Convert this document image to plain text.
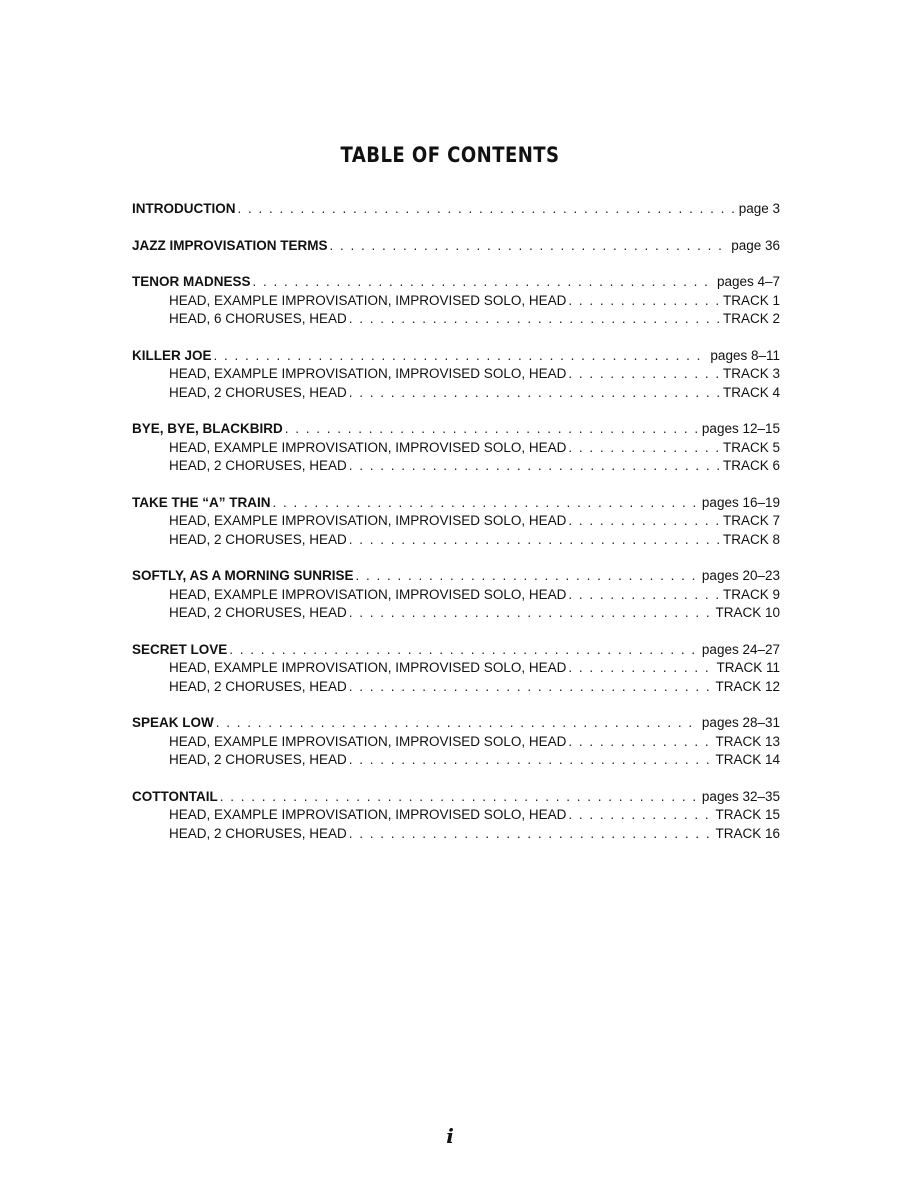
TABLE OF CONTENTS
INTRODUCTION . . .	page 3
JAZZ IMPROVISATION TERMS . . .	page 36
TENOR MADNESS . . .	pages 4–7
HEAD, EXAMPLE IMPROVISATION, IMPROVISED SOLO, HEAD . . .	TRACK 1
HEAD, 6 CHORUSES, HEAD . . .	TRACK 2
KILLER JOE . . .	pages 8–11
HEAD, EXAMPLE IMPROVISATION, IMPROVISED SOLO, HEAD . . .	TRACK 3
HEAD, 2 CHORUSES, HEAD . . .	TRACK 4
BYE, BYE, BLACKBIRD . . .	pages 12–15
HEAD, EXAMPLE IMPROVISATION, IMPROVISED SOLO, HEAD . . .	TRACK 5
HEAD, 2 CHORUSES, HEAD . . .	TRACK 6
TAKE THE “A” TRAIN . . .	pages 16–19
HEAD, EXAMPLE IMPROVISATION, IMPROVISED SOLO, HEAD . . .	TRACK 7
HEAD, 2 CHORUSES, HEAD . . .	TRACK 8
SOFTLY, AS A MORNING SUNRISE . . .	pages 20–23
HEAD, EXAMPLE IMPROVISATION, IMPROVISED SOLO, HEAD . . .	TRACK 9
HEAD, 2 CHORUSES, HEAD . . .	TRACK 10
SECRET LOVE . . .	pages 24–27
HEAD, EXAMPLE IMPROVISATION, IMPROVISED SOLO, HEAD . . .	TRACK 11
HEAD, 2 CHORUSES, HEAD . . .	TRACK 12
SPEAK LOW . . .	pages 28–31
HEAD, EXAMPLE IMPROVISATION, IMPROVISED SOLO, HEAD . . .	TRACK 13
HEAD, 2 CHORUSES, HEAD . . .	TRACK 14
COTTONTAIL . . .	pages 32–35
HEAD, EXAMPLE IMPROVISATION, IMPROVISED SOLO, HEAD . . .	TRACK 15
HEAD, 2 CHORUSES, HEAD . . .	TRACK 16
i
